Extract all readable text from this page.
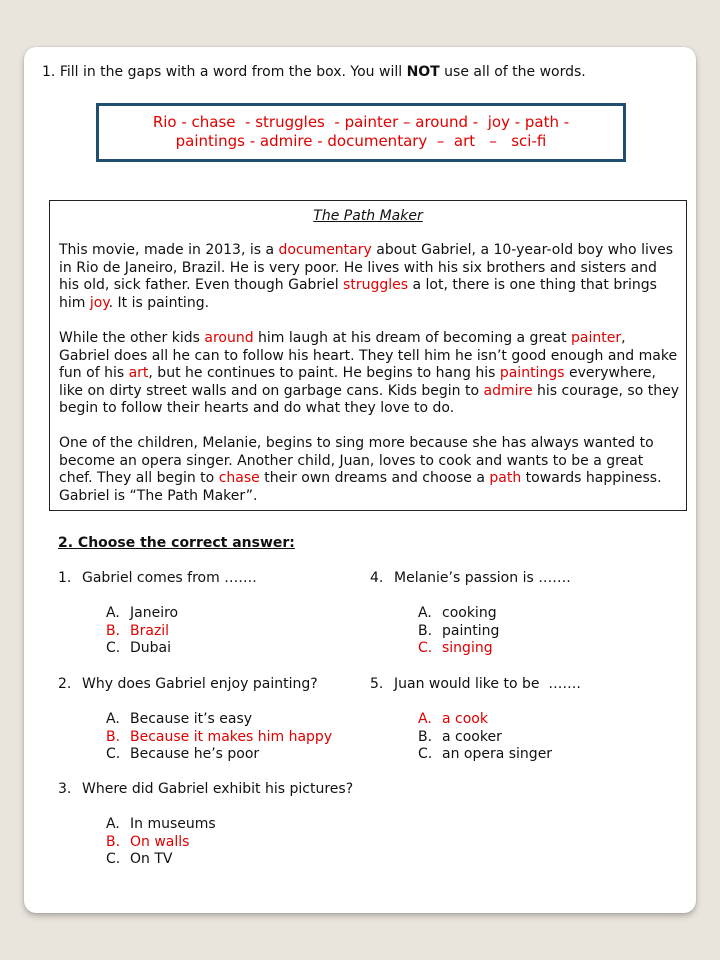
1. Fill in the gaps with a word from the box. You will NOT use all of the words.
Rio - chase  - struggles  - painter – around -  joy - path -
paintings - admire - documentary  –  art   –   sci-fi
The Path Maker
This movie, made in 2013, is a documentary about Gabriel, a 10-year-old boy who lives in Rio de Janeiro, Brazil. He is very poor. He lives with his six brothers and sisters and his old, sick father. Even though Gabriel struggles a lot, there is one thing that brings him joy. It is painting.
While the other kids around him laugh at his dream of becoming a great painter, Gabriel does all he can to follow his heart. They tell him he isn’t good enough and make fun of his art, but he continues to paint. He begins to hang his paintings everywhere, like on dirty street walls and on garbage cans. Kids begin to admire his courage, so they begin to follow their hearts and do what they love to do.
One of the children, Melanie, begins to sing more because she has always wanted to become an opera singer. Another child, Juan, loves to cook and wants to be a great chef. They all begin to chase their own dreams and choose a path towards happiness. Gabriel is “The Path Maker”.
2. Choose the correct answer:
1. Gabriel comes from …….
A. Janeiro
B. Brazil
C. Dubai
2. Why does Gabriel enjoy painting?
A. Because it’s easy
B. Because it makes him happy
C. Because he’s poor
3. Where did Gabriel exhibit his pictures?
A. In museums
B. On walls
C. On TV
4. Melanie’s passion is …….
A. cooking
B. painting
C. singing
5. Juan would like to be  …….
A. a cook
B. a cooker
C. an opera singer
